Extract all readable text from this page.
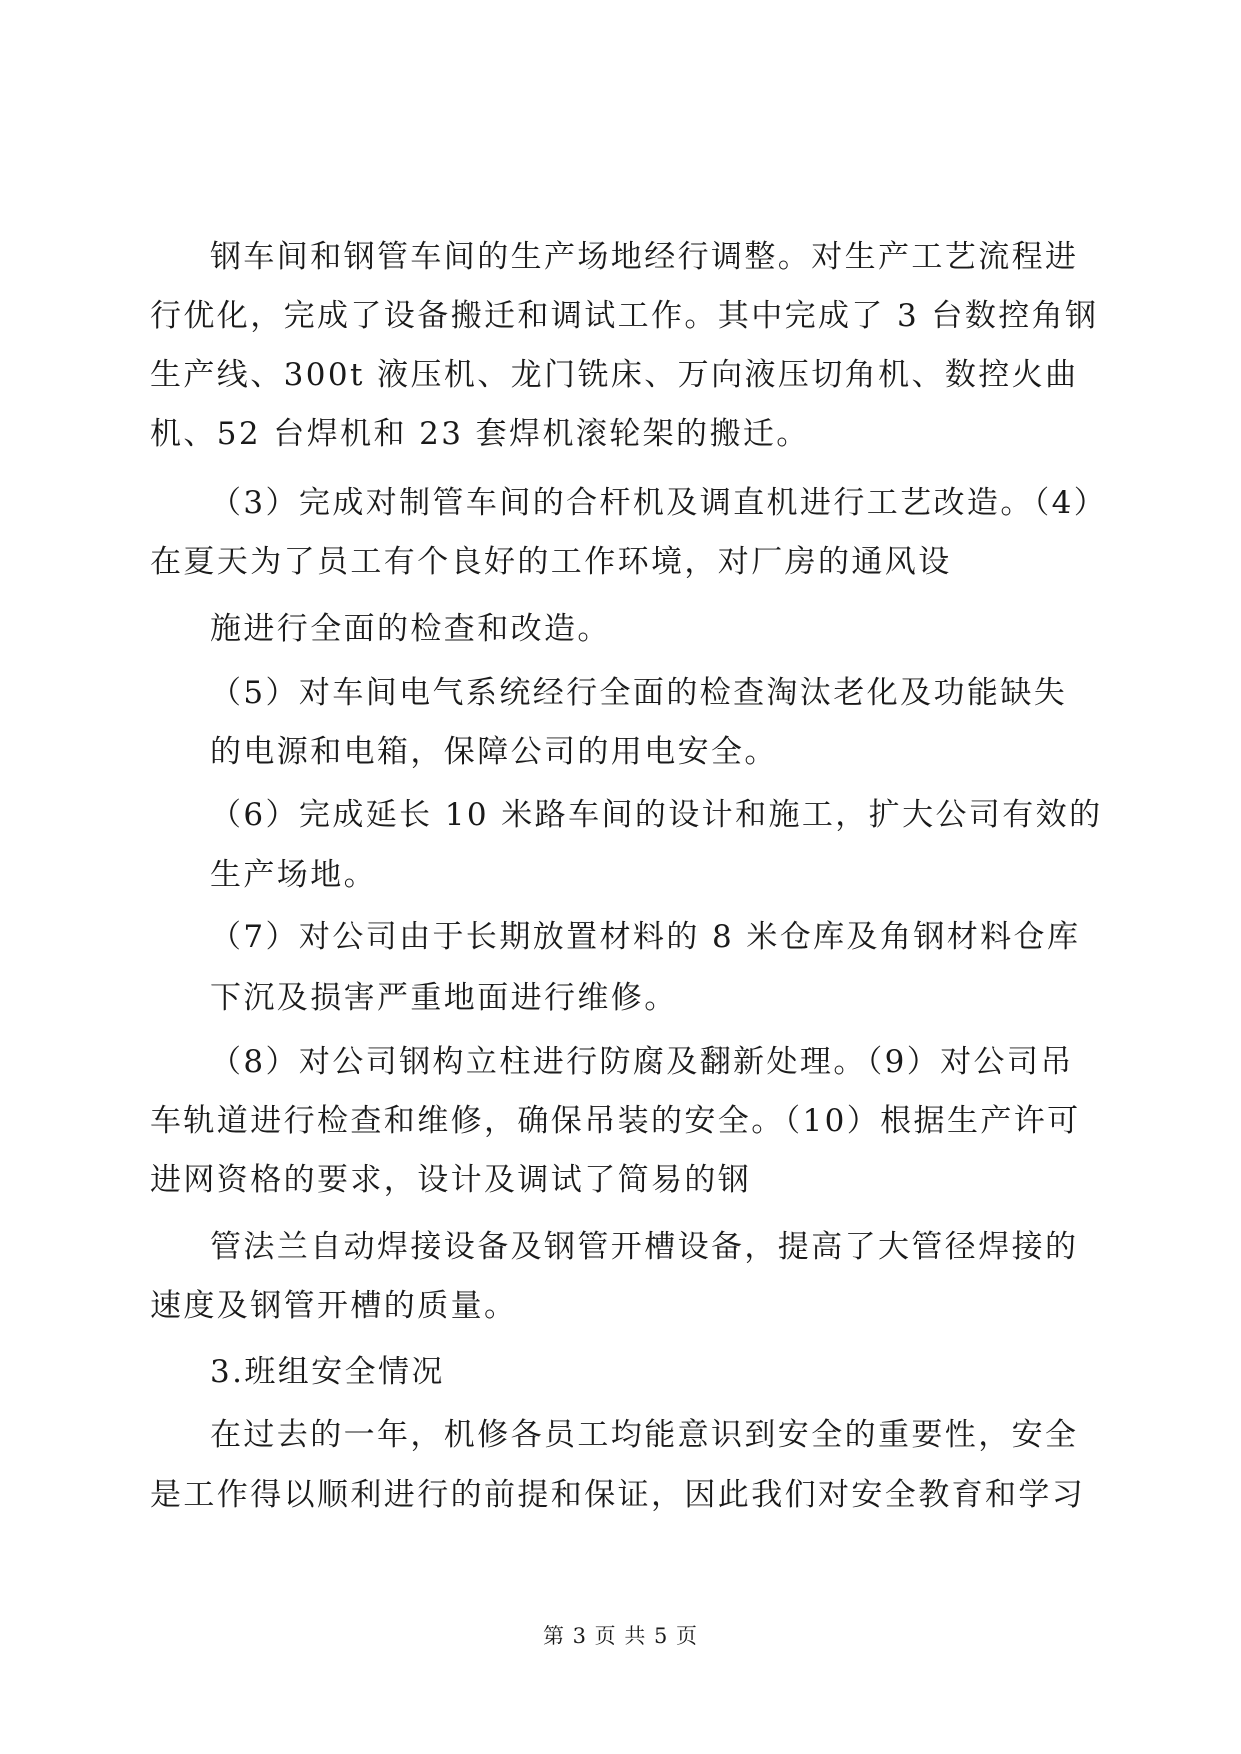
钢车间和钢管车间的生产场地经行调整。对生产工艺流程进
行优化，完成了设备搬迁和调试工作。其中完成了 3 台数控角钢
生产线、300t 液压机、龙门铣床、万向液压切角机、数控火曲
机、52 台焊机和 23 套焊机滚轮架的搬迁。
（3）完成对制管车间的合杆机及调直机进行工艺改造。（4）
在夏天为了员工有个良好的工作环境，对厂房的通风设
施进行全面的检查和改造。
（5）对车间电气系统经行全面的检查淘汰老化及功能缺失
的电源和电箱，保障公司的用电安全。
（6）完成延长 10 米路车间的设计和施工，扩大公司有效的
生产场地。
（7）对公司由于长期放置材料的 8 米仓库及角钢材料仓库
下沉及损害严重地面进行维修。
（8）对公司钢构立柱进行防腐及翻新处理。（9）对公司吊
车轨道进行检查和维修，确保吊装的安全。（10）根据生产许可
进网资格的要求，设计及调试了简易的钢
管法兰自动焊接设备及钢管开槽设备，提高了大管径焊接的
速度及钢管开槽的质量。
3.班组安全情况
在过去的一年，机修各员工均能意识到安全的重要性，安全
是工作得以顺利进行的前提和保证，因此我们对安全教育和学习
第 3 页 共 5 页
